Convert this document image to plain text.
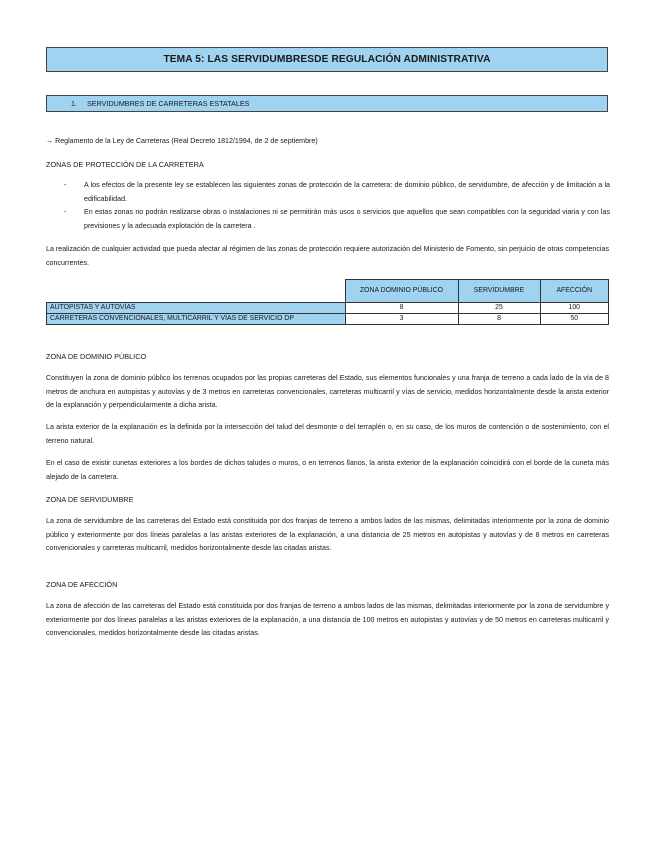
TEMA 5: LAS SERVIDUMBRESDE REGULACIÓN ADMINISTRATIVA
1.	SERVIDUMBRES DE CARRETERAS ESTATALES
→ Reglamento de la Ley de Carreteras (Real Decreto 1812/1994, de 2 de septiembre)
ZONAS DE PROTECCIÓN DE LA CARRETERA
- A los efectos de la presente ley se establecen las siguientes zonas de protección de la carretera: de dominio público, de servidumbre, de afección y de limitación a la edificabilidad.
- En estas zonas no podrán realizarse obras o instalaciones ni se permitirán más usos o servicios que aquellos que sean compatibles con la seguridad viaria y con las previsiones y la adecuada explotación de la carretera .
La realización de cualquier actividad que pueda afectar al régimen de las zonas de protección requiere autorización del Ministerio de Fomento, sin perjuicio de otras competencias concurrentes.
	ZONA DOMINIO PÚBLICO	SERVIDUMBRE	AFECCIÓN
AUTOPISTAS Y AUTOVÍAS	8	25	100
CARRETERAS CONVENCIONALES, MULTICARRIL Y VÍAS DE SERVICIO DP	3	8	50
ZONA DE DOMINIO PÚBLICO
Constituyen la zona de dominio público los terrenos ocupados por las propias carreteras del Estado, sus elementos funcionales y una franja de terreno a cada lado de la vía de 8 metros de anchura en autopistas y autovías y de 3 metros en carreteras convencionales, carreteras multicarril y vías de servicio, medidos horizontalmente desde la arista exterior de la explanación y perpendicularmente a dicha arista.
La arista exterior de la explanación es la definida por la intersección del talud del desmonte o del terraplén o, en su caso, de los muros de contención o de sostenimiento, con el terreno natural.
En el caso de existir cunetas exteriores a los bordes de dichos taludes o muros, o en terrenos llanos, la arista exterior de la explanación coincidirá con el borde de la cuneta más alejado de la carretera.
ZONA DE SERVIDUMBRE
La zona de servidumbre de las carreteras del Estado está constituida por dos franjas de terreno a ambos lados de las mismas, delimitadas interiormente por la zona de dominio público y exteriormente por dos líneas paralelas a las aristas exteriores de la explanación, a una distancia de 25 metros en autopistas y autovías y de 8 metros en carreteras convencionales y carreteras multicarril, medidos horizontalmente desde las citadas aristas.
ZONA DE AFECCIÓN
La zona de afección de las carreteras del Estado está constituida por dos franjas de terreno a ambos lados de las mismas, delimitadas interiormente por la zona de servidumbre y exteriormente por dos líneas paralelas a las aristas exteriores de la explanación, a una distancia de 100 metros en autopistas y autovías y de 50 metros en carreteras multicarril y convencionales, medidos horizontalmente desde las citadas aristas.
